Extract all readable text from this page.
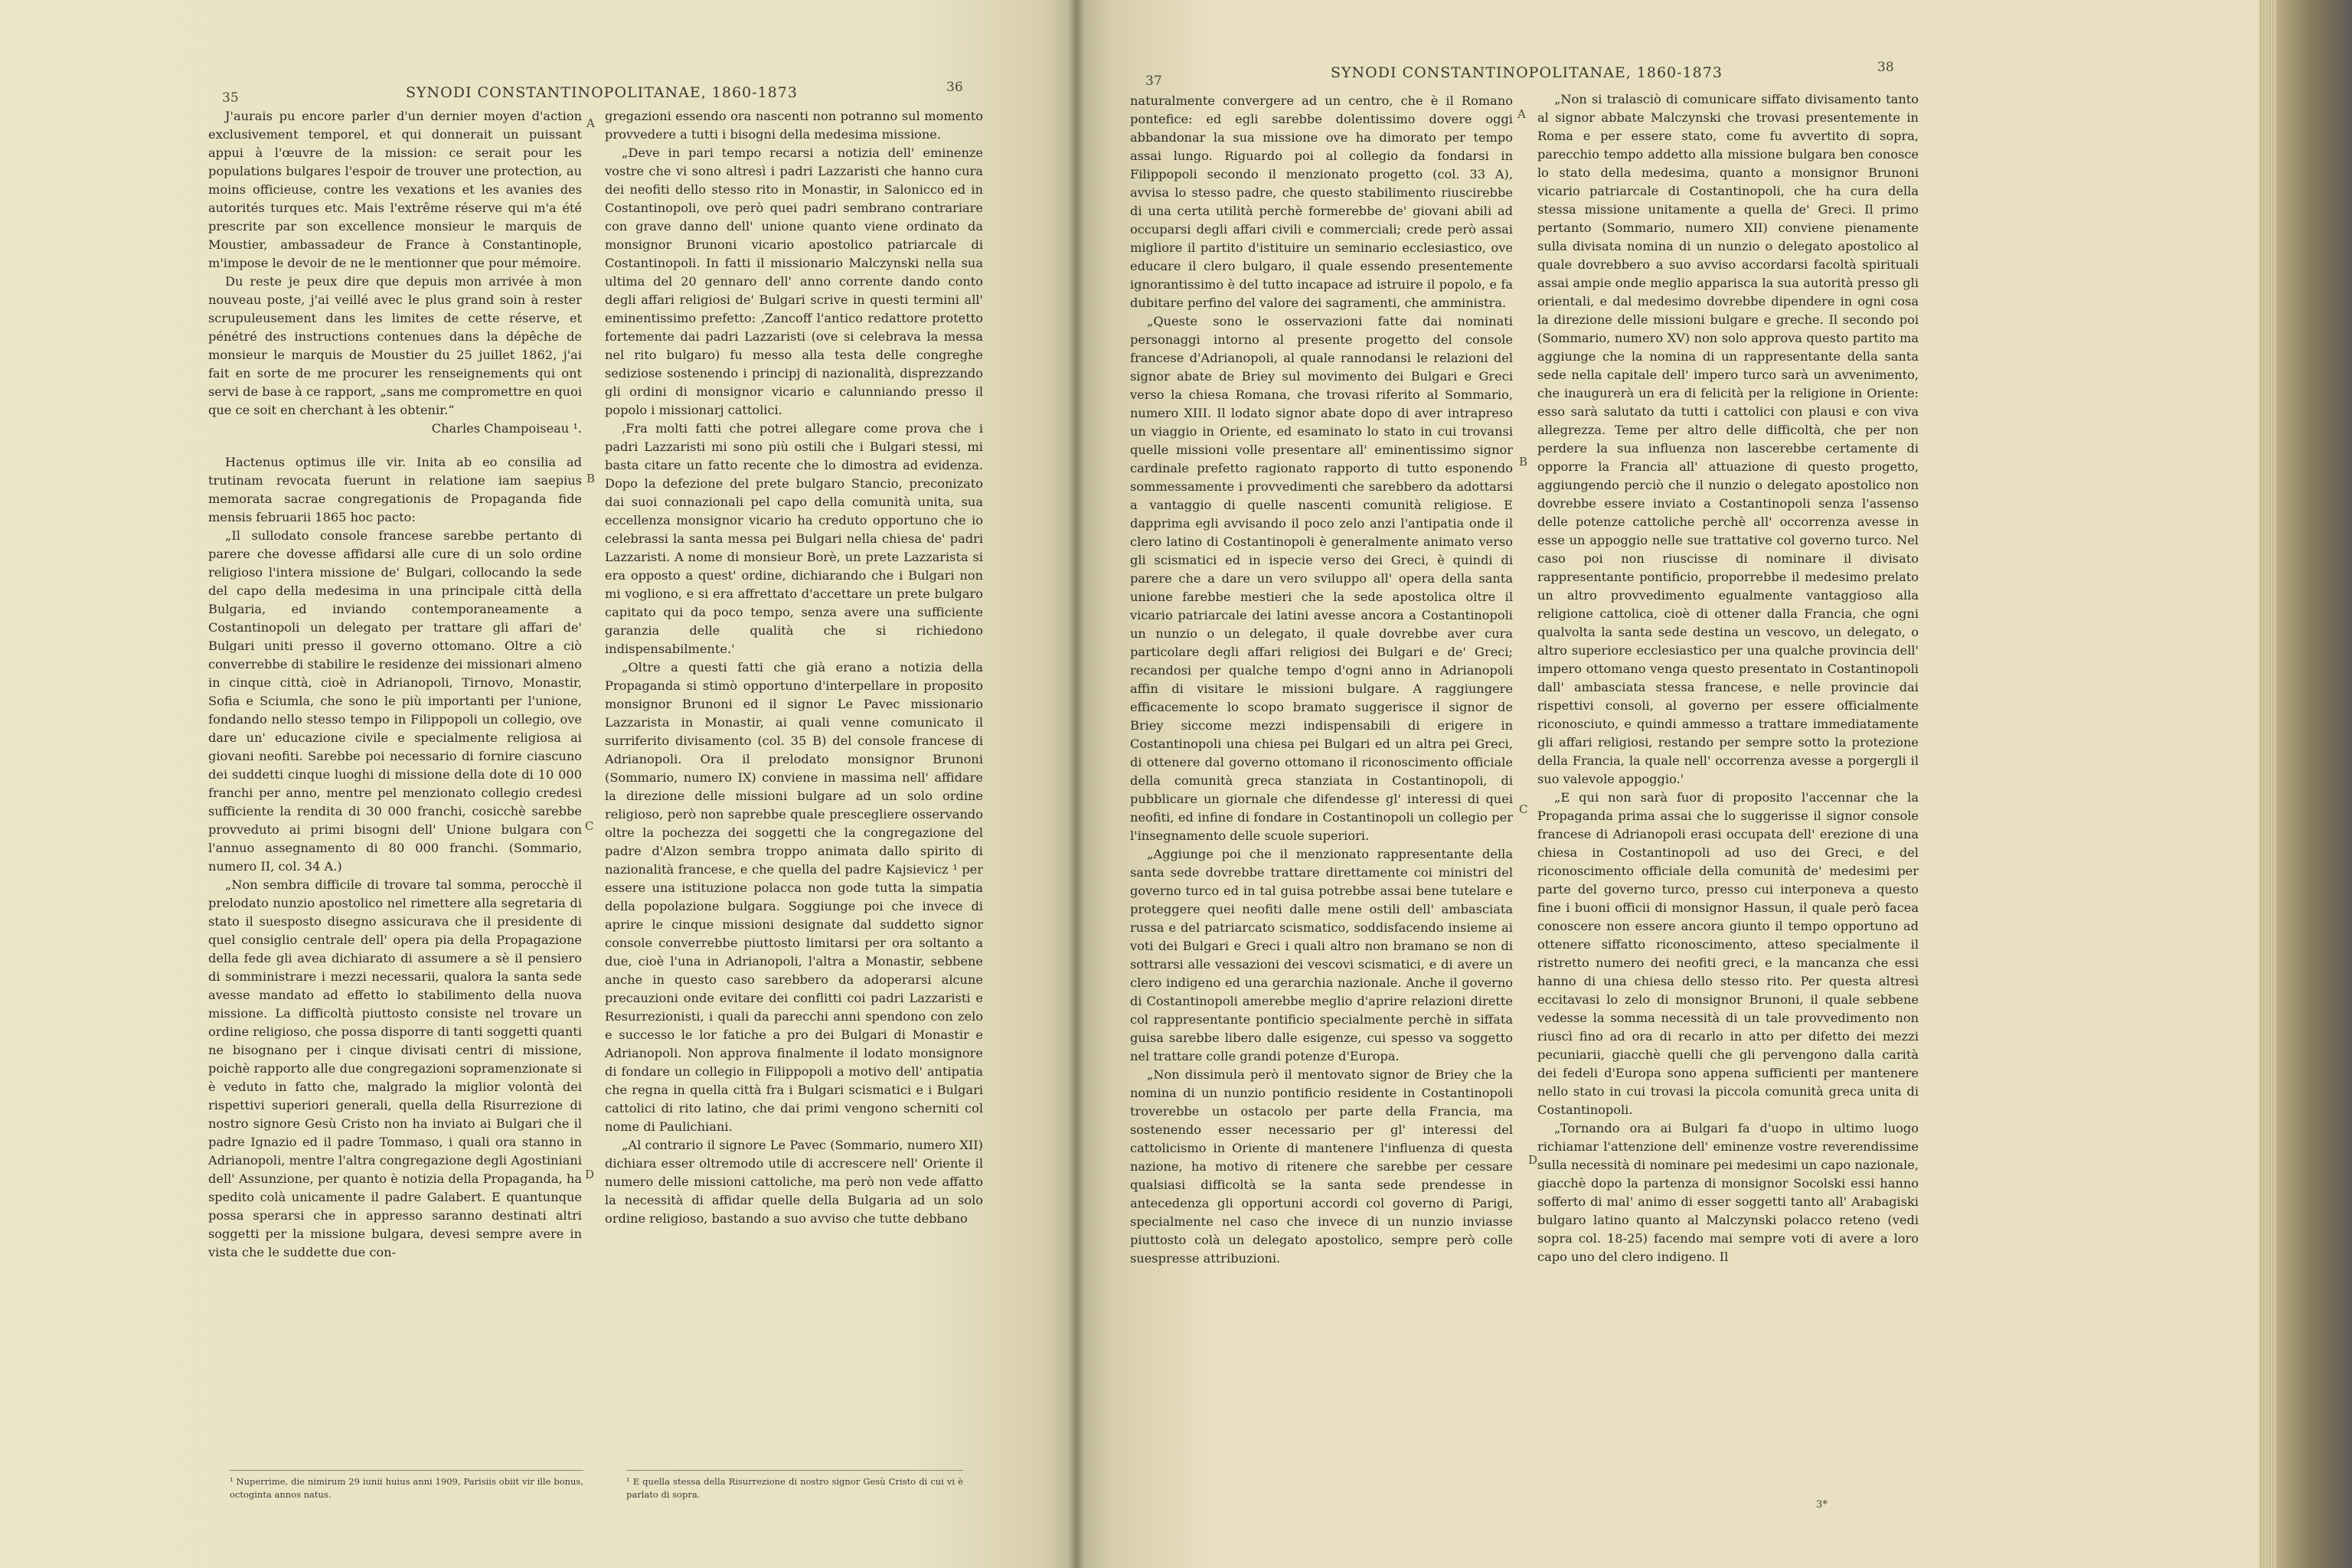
35	SYNODI CONSTANTINOPOLITANAE, 1860-1873	36	37	SYNODI CONSTANTINOPOLITANAE, 1860-1873	38

J'aurais pu encore parler d'un dernier moyen d'action exclusivement temporel, et qui donnerait un puissant appui à l'œuvre de la mission: ce serait pour les populations bulgares l'espoir de trouver une protection, au moins officieuse, contre les vexations et les avanies des autorités turques etc. Mais l'extrême réserve qui m'a été prescrite par son excellence monsieur le marquis de Moustier, ambassadeur de France à Constantinople, m'impose le devoir de ne le mentionner que pour mémoire.

Du reste je peux dire que depuis mon arrivée à mon nouveau poste, j'ai veillé avec le plus grand soin à rester scrupuleusement dans les limites de cette réserve, et pénétré des instructions contenues dans la dépêche de monsieur le marquis de Moustier du 25 juillet 1862, j'ai fait en sorte de me procurer les renseignements qui ont servi de base à ce rapport, „sans me compromettre en quoi que ce soit en cherchant à les obtenir.“

Charles Champoiseau ¹.

Hactenus optimus ille vir. Inita ab eo consilia ad trutinam revocata fuerunt in relatione iam saepius memorata sacrae congregationis de Propaganda fide mensis februarii 1865 hoc pacto:

„Il sullodato console francese sarebbe pertanto di parere che dovesse affidarsi alle cure di un solo ordine religioso l'intera missione de' Bulgari, collocando la sede del capo della medesima in una principale città della Bulgaria, ed inviando contemporaneamente a Costantinopoli un delegato per trattare gli affari de' Bulgari uniti presso il governo ottomano. Oltre a ciò converrebbe di stabilire le residenze dei missionari almeno in cinque città, cioè in Adrianopoli, Tirnovo, Monastir, Sofia e Sciumla, che sono le più importanti per l'unione, fondando nello stesso tempo in Filippopoli un collegio, ove dare un' educazione civile e specialmente religiosa ai giovani neofiti. Sarebbe poi necessario di fornire ciascuno dei suddetti cinque luoghi di missione della dote di 10 000 franchi per anno, mentre pel menzionato collegio credesi sufficiente la rendita di 30 000 franchi, cosicchè sarebbe provveduto ai primi bisogni dell' Unione bulgara con l'annuo assegnamento di 80 000 franchi. (Sommario, numero II, col. 34 A.)

„Non sembra difficile di trovare tal somma, perocchè il prelodato nunzio apostolico nel rimettere alla segretaria di stato il suesposto disegno assicurava che il presidente di quel consiglio centrale dell' opera pia della Propagazione della fede gli avea dichiarato di assumere a sè il pensiero di somministrare i mezzi necessarii, qualora la santa sede avesse mandato ad effetto lo stabilimento della nuova missione. La difficoltà piuttosto consiste nel trovare un ordine religioso, che possa disporre di tanti soggetti quanti ne bisognano per i cinque divisati centri di missione, poichè rapporto alle due congregazioni sopramenzionate si è veduto in fatto che, malgrado la miglior volontà dei rispettivi superiori generali, quella della Risurrezione di nostro signore Gesù Cristo non ha inviato ai Bulgari che il padre Ignazio ed il padre Tommaso, i quali ora stanno in Adrianopoli, mentre l'altra congregazione degli Agostiniani dell' Assunzione, per quanto è notizia della Propaganda, ha spedito colà unicamente il padre Galabert. E quantunque possa sperarsi che in appresso saranno destinati altri soggetti per la missione bulgara, devesi sempre avere in vista che le suddette due con-

A
B
C
D

gregazioni essendo ora nascenti non potranno sul momento provvedere a tutti i bisogni della medesima missione.

„Deve in pari tempo recarsi a notizia dell' eminenze vostre che vi sono altresì i padri Lazzaristi che hanno cura dei neofiti dello stesso rito in Monastir, in Salonicco ed in Costantinopoli, ove però quei padri sembrano contrariare con grave danno dell' unione quanto viene ordinato da monsignor Brunoni vicario apostolico patriarcale di Costantinopoli. In fatti il missionario Malczynski nella sua ultima del 20 gennaro dell' anno corrente dando conto degli affari religiosi de' Bulgari scrive in questi termini all' eminentissimo prefetto: ‚Zancoff l'antico redattore protetto fortemente dai padri Lazzaristi (ove si celebrava la messa nel rito bulgaro) fu messo alla testa delle congreghe sediziose sostenendo i principj di nazionalità, disprezzando gli ordini di monsignor vicario e calunniando presso il popolo i missionarj cattolici.

‚Fra molti fatti che potrei allegare come prova che i padri Lazzaristi mi sono più ostili che i Bulgari stessi, mi basta citare un fatto recente che lo dimostra ad evidenza. Dopo la defezione del prete bulgaro Stancio, preconizato dai suoi connazionali pel capo della comunità unita, sua eccellenza monsignor vicario ha creduto opportuno che io celebrassi la santa messa pei Bulgari nella chiesa de' padri Lazzaristi. A nome di monsieur Borè, un prete Lazzarista si era opposto a quest' ordine, dichiarando che i Bulgari non mi vogliono, e si era affrettato d'accettare un prete bulgaro capitato qui da poco tempo, senza avere una sufficiente garanzia delle qualità che si richiedono indispensabilmente.'

„Oltre a questi fatti che già erano a notizia della Propaganda si stimò opportuno d'interpellare in proposito monsignor Brunoni ed il signor Le Pavec missionario Lazzarista in Monastir, ai quali venne comunicato il surriferito divisamento (col. 35 B) del console francese di Adrianopoli. Ora il prelodato monsignor Brunoni (Sommario, numero IX) conviene in massima nell' affidare la direzione delle missioni bulgare ad un solo ordine religioso, però non saprebbe quale prescegliere osservando oltre la pochezza dei soggetti che la congregazione del padre d'Alzon sembra troppo animata dallo spirito di nazionalità francese, e che quella del padre Kajsievicz ¹ per essere una istituzione polacca non gode tutta la simpatia della popolazione bulgara. Soggiunge poi che invece di aprire le cinque missioni designate dal suddetto signor console converrebbe piuttosto limitarsi per ora soltanto a due, cioè l'una in Adrianopoli, l'altra a Monastir, sebbene anche in questo caso sarebbero da adoperarsi alcune precauzioni onde evitare dei conflitti coi padri Lazzaristi e Resurrezionisti, i quali da parecchi anni spendono con zelo e successo le lor fatiche a pro dei Bulgari di Monastir e Adrianopoli. Non approva finalmente il lodato monsignore di fondare un collegio in Filippopoli a motivo dell' antipatia che regna in quella città fra i Bulgari scismatici e i Bulgari cattolici di rito latino, che dai primi vengono scherniti col nome di Paulichiani.

„Al contrario il signore Le Pavec (Sommario, numero XII) dichiara esser oltremodo utile di accrescere nell' Oriente il numero delle missioni cattoliche, ma però non vede affatto la necessità di affidar quelle della Bulgaria ad un solo ordine religioso, bastando a suo avviso che tutte debbano

¹ Nuperrime, die nimirum 29 iunii huius anni 1909, Parisiis obiit vir ille bonus, octoginta annos natus.
¹ E quella stessa della Risurrezione di nostro signor Gesù Cristo di cui vi è parlato di sopra.

naturalmente convergere ad un centro, che è il Romano pontefice: ed egli sarebbe dolentissimo dovere oggi abbandonar la sua missione ove ha dimorato per tempo assai lungo. Riguardo poi al collegio da fondarsi in Filippopoli secondo il menzionato progetto (col. 33 A), avvisa lo stesso padre, che questo stabilimento riuscirebbe di una certa utilità perchè formerebbe de' giovani abili ad occuparsi degli affari civili e commerciali; crede però assai migliore il partito d'istituire un seminario ecclesiastico, ove educare il clero bulgaro, il quale essendo presentemente ignorantissimo è del tutto incapace ad istruire il popolo, e fa dubitare perfino del valore dei sagramenti, che amministra.

„Queste sono le osservazioni fatte dai nominati personaggi intorno al presente progetto del console francese d'Adrianopoli, al quale rannodansi le relazioni del signor abate de Briey sul movimento dei Bulgari e Greci verso la chiesa Romana, che trovasi riferito al Sommario, numero XIII. Il lodato signor abate dopo di aver intrapreso un viaggio in Oriente, ed esaminato lo stato in cui trovansi quelle missioni volle presentare all' eminentissimo signor cardinale prefetto ragionato rapporto di tutto esponendo sommessamente i provvedimenti che sarebbero da adottarsi a vantaggio di quelle nascenti comunità religiose. E dapprima egli avvisando il poco zelo anzi l'antipatia onde il clero latino di Costantinopoli è generalmente animato verso gli scismatici ed in ispecie verso dei Greci, è quindi di parere che a dare un vero sviluppo all' opera della santa unione farebbe mestieri che la sede apostolica oltre il vicario patriarcale dei latini avesse ancora a Costantinopoli un nunzio o un delegato, il quale dovrebbe aver cura particolare degli affari religiosi dei Bulgari e de' Greci; recandosi per qualche tempo d'ogni anno in Adrianopoli affin di visitare le missioni bulgare. A raggiungere efficacemente lo scopo bramato suggerisce il signor de Briey siccome mezzi indispensabili di erigere in Costantinopoli una chiesa pei Bulgari ed un altra pei Greci, di ottenere dal governo ottomano il riconoscimento officiale della comunità greca stanziata in Costantinopoli, di pubblicare un giornale che difendesse gl' interessi di quei neofiti, ed infine di fondare in Costantinopoli un collegio per l'insegnamento delle scuole superiori.

„Aggiunge poi che il menzionato rappresentante della santa sede dovrebbe trattare direttamente coi ministri del governo turco ed in tal guisa potrebbe assai bene tutelare e proteggere quei neofiti dalle mene ostili dell' ambasciata russa e del patriarcato scismatico, soddisfacendo insieme ai voti dei Bulgari e Greci i quali altro non bramano se non di sottrarsi alle vessazioni dei vescovi scismatici, e di avere un clero indigeno ed una gerarchia nazionale. Anche il governo di Costantinopoli amerebbe meglio d'aprire relazioni dirette col rappresentante pontificio specialmente perchè in siffata guisa sarebbe libero dalle esigenze, cui spesso va soggetto nel trattare colle grandi potenze d'Europa.

„Non dissimula però il mentovato signor de Briey che la nomina di un nunzio pontificio residente in Costantinopoli troverebbe un ostacolo per parte della Francia, ma sostenendo esser necessario per gl' interessi del cattolicismo in Oriente di mantenere l'influenza di questa nazione, ha motivo di ritenere che sarebbe per cessare qualsiasi difficoltà se la santa sede prendesse in antecedenza gli opportuni accordi col governo di Parigi, specialmente nel caso che invece di un nunzio inviasse piuttosto colà un delegato apostolico, sempre però colle suespresse attribuzioni.

A
B
C
D

„Non si tralasciò di comunicare siffato divisamento tanto al signor abbate Malczynski che trovasi presentemente in Roma e per essere stato, come fu avvertito di sopra, parecchio tempo addetto alla missione bulgara ben conosce lo stato della medesima, quanto a monsignor Brunoni vicario patriarcale di Costantinopoli, che ha cura della stessa missione unitamente a quella de' Greci. Il primo pertanto (Sommario, numero XII) conviene pienamente sulla divisata nomina di un nunzio o delegato apostolico al quale dovrebbero a suo avviso accordarsi facoltà spirituali assai ampie onde meglio apparisca la sua autorità presso gli orientali, e dal medesimo dovrebbe dipendere in ogni cosa la direzione delle missioni bulgare e greche. Il secondo poi (Sommario, numero XV) non solo approva questo partito ma aggiunge che la nomina di un rappresentante della santa sede nella capitale dell' impero turco sarà un avvenimento, che inaugurerà un era di felicità per la religione in Oriente: esso sarà salutato da tutti i cattolici con plausi e con viva allegrezza. Teme per altro delle difficoltà, che per non perdere la sua influenza non lascerebbe certamente di opporre la Francia all' attuazione di questo progetto, aggiungendo perciò che il nunzio o delegato apostolico non dovrebbe essere inviato a Costantinopoli senza l'assenso delle potenze cattoliche perchè all' occorrenza avesse in esse un appoggio nelle sue trattative col governo turco. Nel caso poi non riuscisse di nominare il divisato rappresentante pontificio, proporrebbe il medesimo prelato un altro provvedimento egualmente vantaggioso alla religione cattolica, cioè di ottener dalla Francia, che ogni qualvolta la santa sede destina un vescovo, un delegato, o altro superiore ecclesiastico per una qualche provincia dell' impero ottomano venga questo presentato in Costantinopoli dall' ambasciata stessa francese, e nelle provincie dai rispettivi consoli, al governo per essere officialmente riconosciuto, e quindi ammesso a trattare immediatamente gli affari religiosi, restando per sempre sotto la protezione della Francia, la quale nell' occorrenza avesse a porgergli il suo valevole appoggio.'

„E qui non sarà fuor di proposito l'accennar che la Propaganda prima assai che lo suggerisse il signor console francese di Adrianopoli erasi occupata dell' erezione di una chiesa in Costantinopoli ad uso dei Greci, e del riconoscimento officiale della comunità de' medesimi per parte del governo turco, presso cui interponeva a questo fine i buoni officii di monsignor Hassun, il quale però facea conoscere non essere ancora giunto il tempo opportuno ad ottenere siffatto riconoscimento, atteso specialmente il ristretto numero dei neofiti greci, e la mancanza che essi hanno di una chiesa dello stesso rito. Per questa altresì eccitavasi lo zelo di monsignor Brunoni, il quale sebbene vedesse la somma necessità di un tale provvedimento non riuscì fino ad ora di recarlo in atto per difetto dei mezzi pecuniarii, giacchè quelli che gli pervengono dalla carità dei fedeli d'Europa sono appena sufficienti per mantenere nello stato in cui trovasi la piccola comunità greca unita di Costantinopoli.

„Tornando ora ai Bulgari fa d'uopo in ultimo luogo richiamar l'attenzione dell' eminenze vostre reverendissime sulla necessità di nominare pei medesimi un capo nazionale, giacchè dopo la partenza di monsignor Socolski essi hanno sofferto di mal' animo di esser soggetti tanto all' Arabagiski bulgaro latino quanto al Malczynski polacco reteno (vedi sopra col. 18-25) facendo mai sempre voti di avere a loro capo uno del clero indigeno. Il

3*
